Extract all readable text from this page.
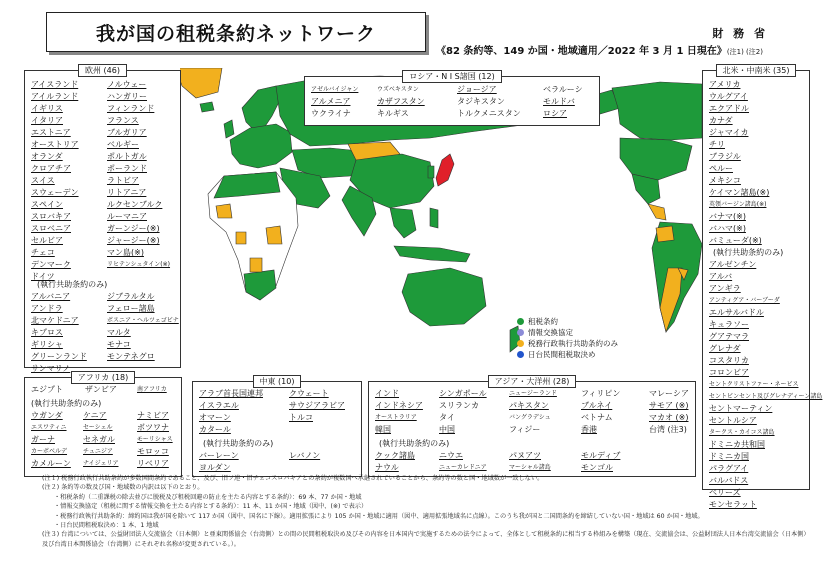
我が国の租税条約ネットワーク	財 務 省
《82 条約等、149 か国・地域適用／2022 年 3 月 1 日現在》(注1) (注2)
欧州 (46)
アイスランド
アイルランド
イギリス
イタリア
エストニア
オーストリア
オランダ
クロアチア
スイス
スウェーデン
スペイン
スロバキア
スロベニア
セルビア
チェコ
デンマーク
ドイツ
ノルウェー
ハンガリー
フィンランド
フランス
ブルガリア
ベルギー
ポルトガル
ポーランド
ラトビア
リトアニア
ルクセンブルク
ルーマニア
ガーンジー(※)
ジャージー(※)
マン島(※)
リヒテンシュタイン(※)
(執行共助条約のみ)
アルバニア
アンドラ
北マケドニア
キプロス
ギリシャ
グリーンランド
サンマリノ
ジブラルタル
フェロー諸島
ボスニア・ヘルツェゴビナ
マルタ
モナコ
モンテネグロ
ロシア・N I S諸国 (12)
アゼルバイジャン
アルメニア
ウクライナ
ウズベキスタン
カザフスタン
キルギス
ジョージア
タジキスタン
トルクメニスタン
ベラルーシ
モルドバ
ロシア
北米・中南米 (35)
アメリカ
ウルグアイ
エクアドル
カナダ
ジャマイカ
チリ
ブラジル
ペルー
メキシコ
ケイマン諸島(※)
英領バージン諸島(※)
バナマ(※)
バハマ(※)
バミューダ(※)
(執行共助条約のみ)
アルゼンチン
アルバ
アンギラ
アンティグア・バーブーダ
エルサルバドル
キュラソー
グアテマラ
グレナダ
コスタリカ
コロンビア
セントクリストファー・ネービス
セントビンセント及びグレナディーン諸島
セントマーティン
セントルシア
タークス・カイコス諸島
ドミニカ共和国
ドミニカ国
パラグアイ
バルバドス
ベリーズ
モンセラット
租税条約
情報交換協定
税務行政執行共助条約のみ
日台民間租税取決め
アフリカ (18)
エジプト	ザンビア	南アフリカ
(執行共助条約のみ)
ウガンダ
エスワティニ
ガーナ
カーボベルデ
カメルーン
ケニア
セーシェル
セネガル
チュニジア
ナイジェリア
ナミビア
ボツワナ
モーリシャス
モロッコ
リベリア
中東 (10)
アラブ首長国連邦
イスラエル
オマーン
カタール
クウェート
サウジアラビア
トルコ
(執行共助条約のみ)
バーレーン
ヨルダン
レバノン
アジア・大洋州 (28)
インド
インドネシア
オーストラリア
韓国
シンガポール
スリランカ
タイ
中国
ニュージーランド
パキスタン
バングラデシュ
フィジー
フィリピン
ブルネイ
ベトナム
香港
マレーシア
サモア (※)
マカオ (※)
台湾 (注3)
(執行共助条約のみ)
クック諸島
ナウル
ニウエ
ニューカレドニア
パヌアツ
マーシャル諸島
モルディブ
モンゴル
(注１) 税務行政執行共助条約が多数国間条約であること、及び、旧ソ連・旧チェコスロバキアとの条約が複数国へ承継されていることから、条約等の数と国・地域数が一致しない。
(注２) 条約等の数及び国・地域数の内訳は以下のとおり。
・租税条約（二重課税の除去並びに脱税及び租税回避の防止を主たる内容とする条約）：69 本、77 か国・地域
・情報交換協定（租税に関する情報交換を主たる内容とする条約）：11 本、11 か国・地域（図中、(※) で表示）
・税務行政執行共助条約：締約国は我が国を除いて 117 か国（図中、国名に下線）。適用拡張により 105 か国・地域に適用（図中、適用拡張地域名に点線）。このうち我が国と二国間条約を締結していない国・地域は 60 か国・地域。
・日台民間租税取決め：1 本、1 地域
(注３) 台湾については、公益財団法人交流協会（日本側）と亜東関係協会（台湾側）との間の民間租税取決め及びその内容を日本国内で実施するための法令によって、全体として租税条約に相当する枠組みを構築（現在、交流協会は、公益財団法人日本台湾交流協会（日本側）及び台湾日本関係協会（台湾側）にそれぞれ名称が変更されている。）。
